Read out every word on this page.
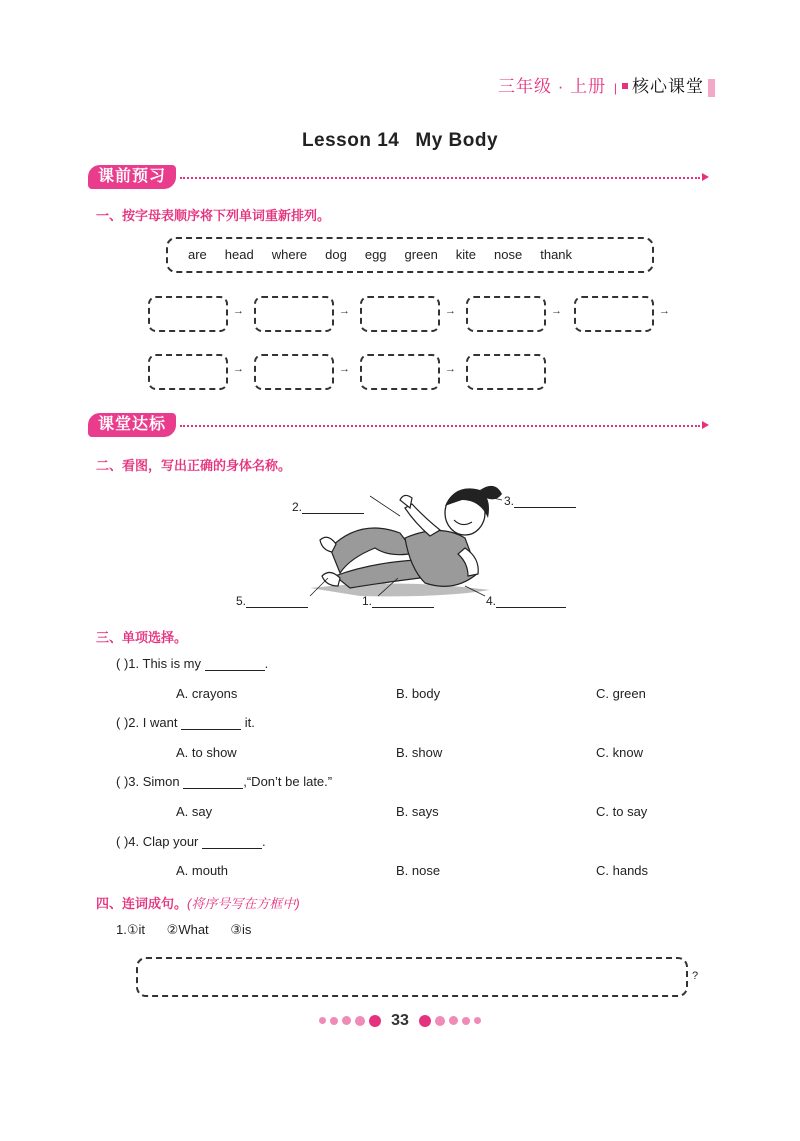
三年级 · 上册 | 核心课堂
Lesson 14 My Body
课前预习
一、按字母表顺序将下列单词重新排列。
are head where dog egg green kite nose thank
→	→	→	→	→
→	→	→
课堂达标
二、看图，写出正确的身体名称。
2.	3.
5.	1.	4.
三、单项选择。
( )1. This is my	.
A. crayons	B. body	C. green
( )2. I want	it.
A. to show	B. show	C. know
( )3. Simon	,“Don’t be late.”
A. say	B. says	C. to say
( )4. Clap your	.
A. mouth	B. nose	C. hands
四、连词成句。(将序号写在方框中)
1.①it      ②What      ③is
?
33
